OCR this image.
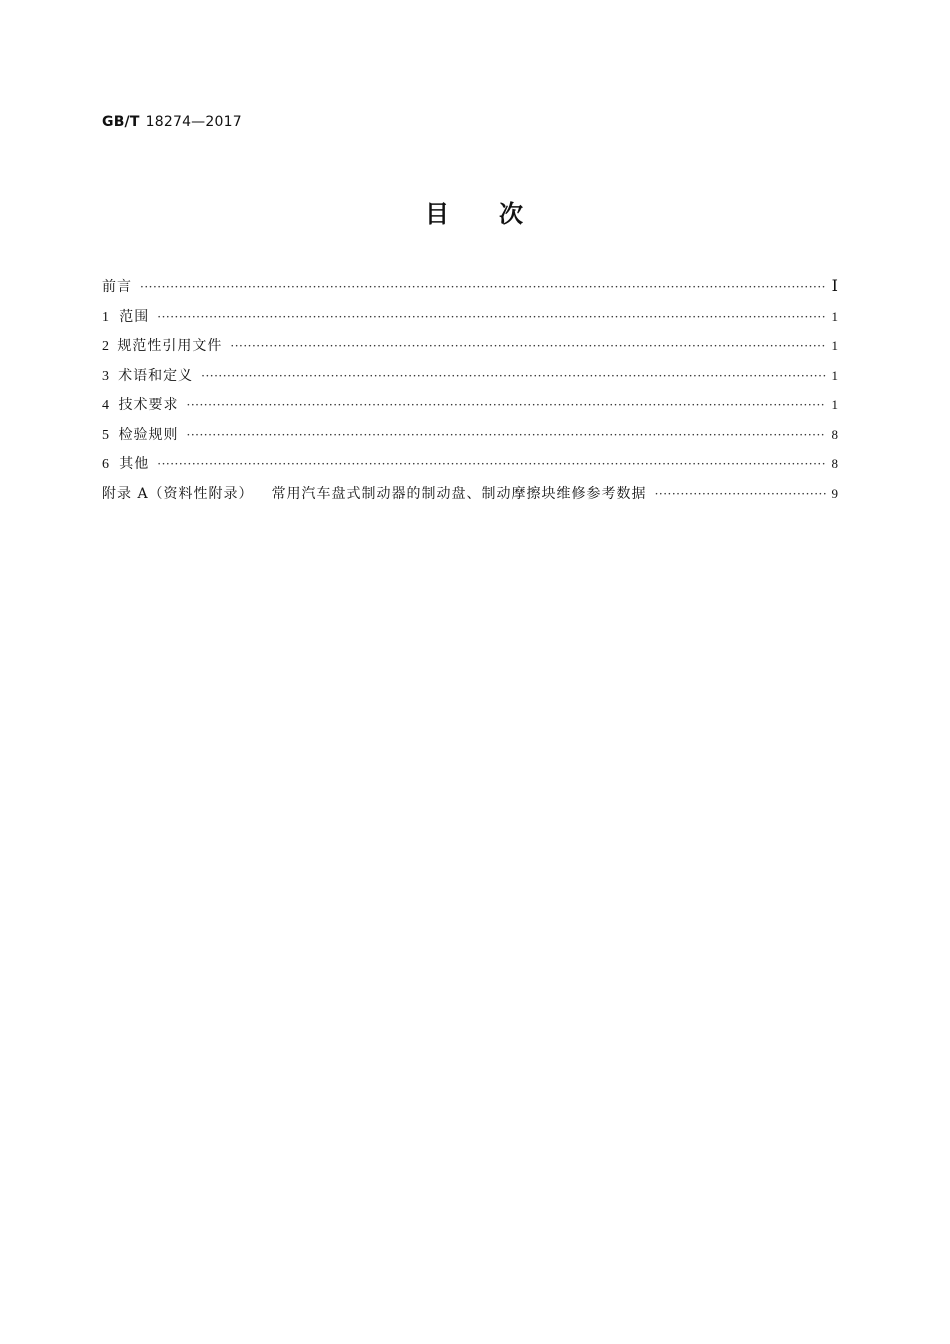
GB/T 18274—2017
目 次
前言 ·····	Ⅰ
1 范围 ·····	1
2 规范性引用文件 ·····	1
3 术语和定义 ·····	1
4 技术要求 ·····	1
5 检验规则 ·····	8
6 其他 ·····	8
附录 A（资料性附录） 常用汽车盘式制动器的制动盘、制动摩擦块维修参考数据 ·····	9
